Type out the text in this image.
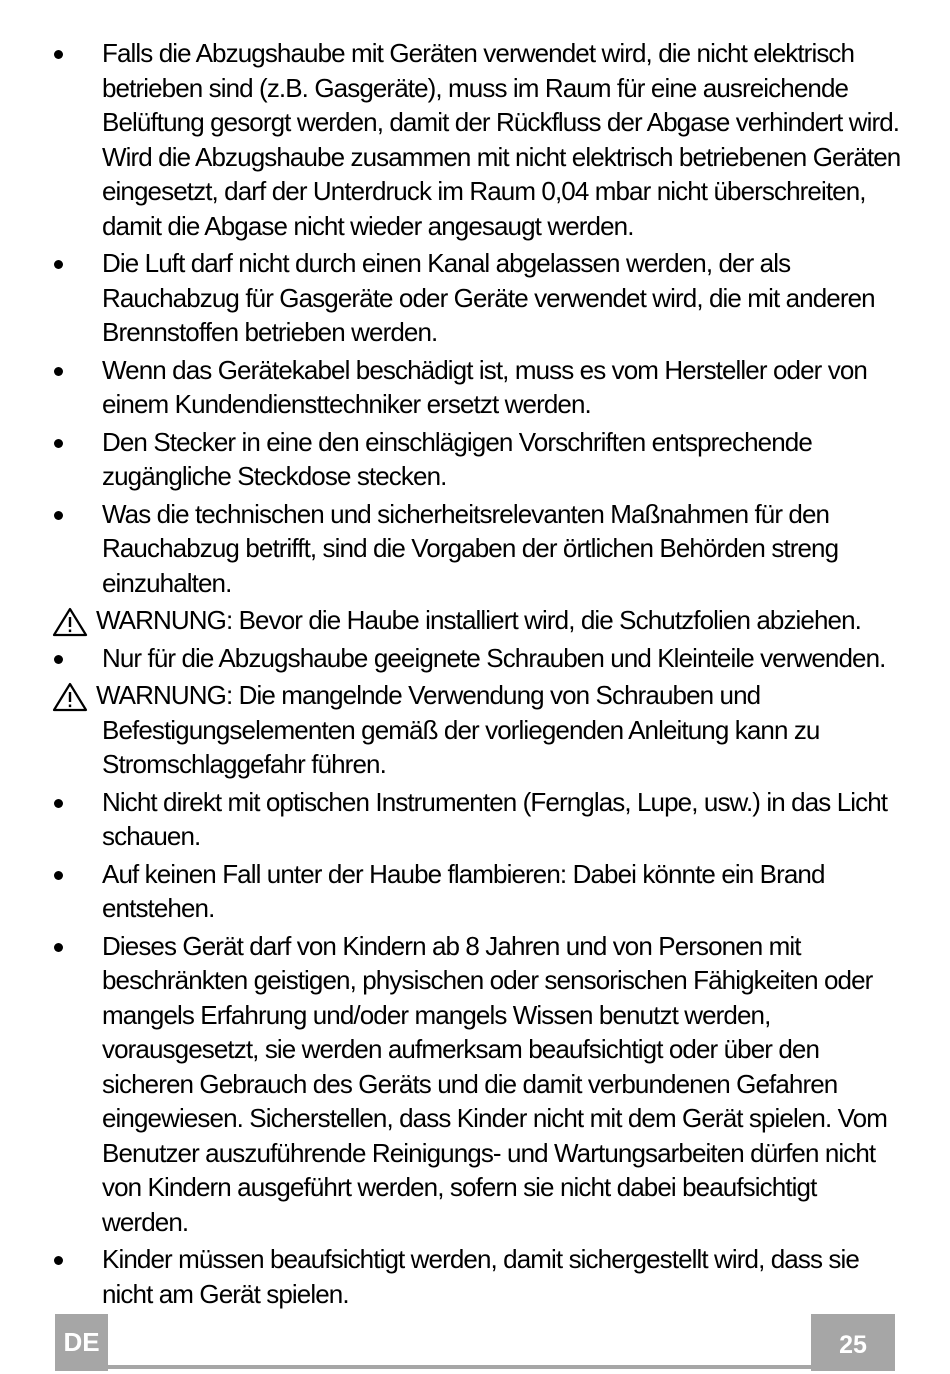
Falls die Abzugshaube mit Geräten verwendet wird, die nicht elektrisch betrieben sind (z.B. Gasgeräte), muss im Raum für eine ausreichende Belüftung gesorgt werden, damit der Rückfluss der Abgase verhindert wird. Wird die Abzugshaube zusammen mit nicht elektrisch betriebenen Geräten eingesetzt, darf der Unterdruck im Raum 0,04 mbar nicht überschreiten, damit die Abgase nicht wieder angesaugt werden.
Die Luft darf nicht durch einen Kanal abgelassen werden, der als Rauchabzug für Gasgeräte oder Geräte verwendet wird, die mit anderen Brennstoffen betrieben werden.
Wenn das Gerätekabel beschädigt ist, muss es vom Hersteller oder von einem Kundendiensttechniker ersetzt werden.
Den Stecker in eine den einschlägigen Vorschriften entsprechende zugängliche Steckdose stecken.
Was die technischen und sicherheitsrelevanten Maßnahmen für den Rauchabzug betrifft, sind die Vorgaben der örtlichen Behörden streng einzuhalten.
WARNUNG: Bevor die Haube installiert wird, die Schutzfolien abziehen.
Nur für die Abzugshaube geeignete Schrauben und Kleinteile verwenden.
WARNUNG: Die mangelnde Verwendung von Schrauben und
Befestigungselementen gemäß der vorliegenden Anleitung kann zu Stromschlaggefahr führen.
Nicht direkt mit optischen Instrumenten (Fernglas, Lupe, usw.) in das Licht schauen.
Auf keinen Fall unter der Haube flambieren: Dabei könnte ein Brand entstehen.
Dieses Gerät darf von Kindern ab 8 Jahren und von Personen mit beschränkten geistigen, physischen oder sensorischen Fähigkeiten oder mangels Erfahrung und/oder mangels Wissen benutzt werden, vorausgesetzt, sie werden aufmerksam beaufsichtigt oder über den sicheren Gebrauch des Geräts und die damit verbundenen Gefahren eingewiesen. Sicherstellen, dass Kinder nicht mit dem Gerät spielen. Vom Benutzer auszuführende Reinigungs- und Wartungsarbeiten dürfen nicht von Kindern ausgeführt werden, sofern sie nicht dabei beaufsichtigt werden.
Kinder müssen beaufsichtigt werden, damit sichergestellt wird, dass sie nicht am Gerät spielen.
DE	25
